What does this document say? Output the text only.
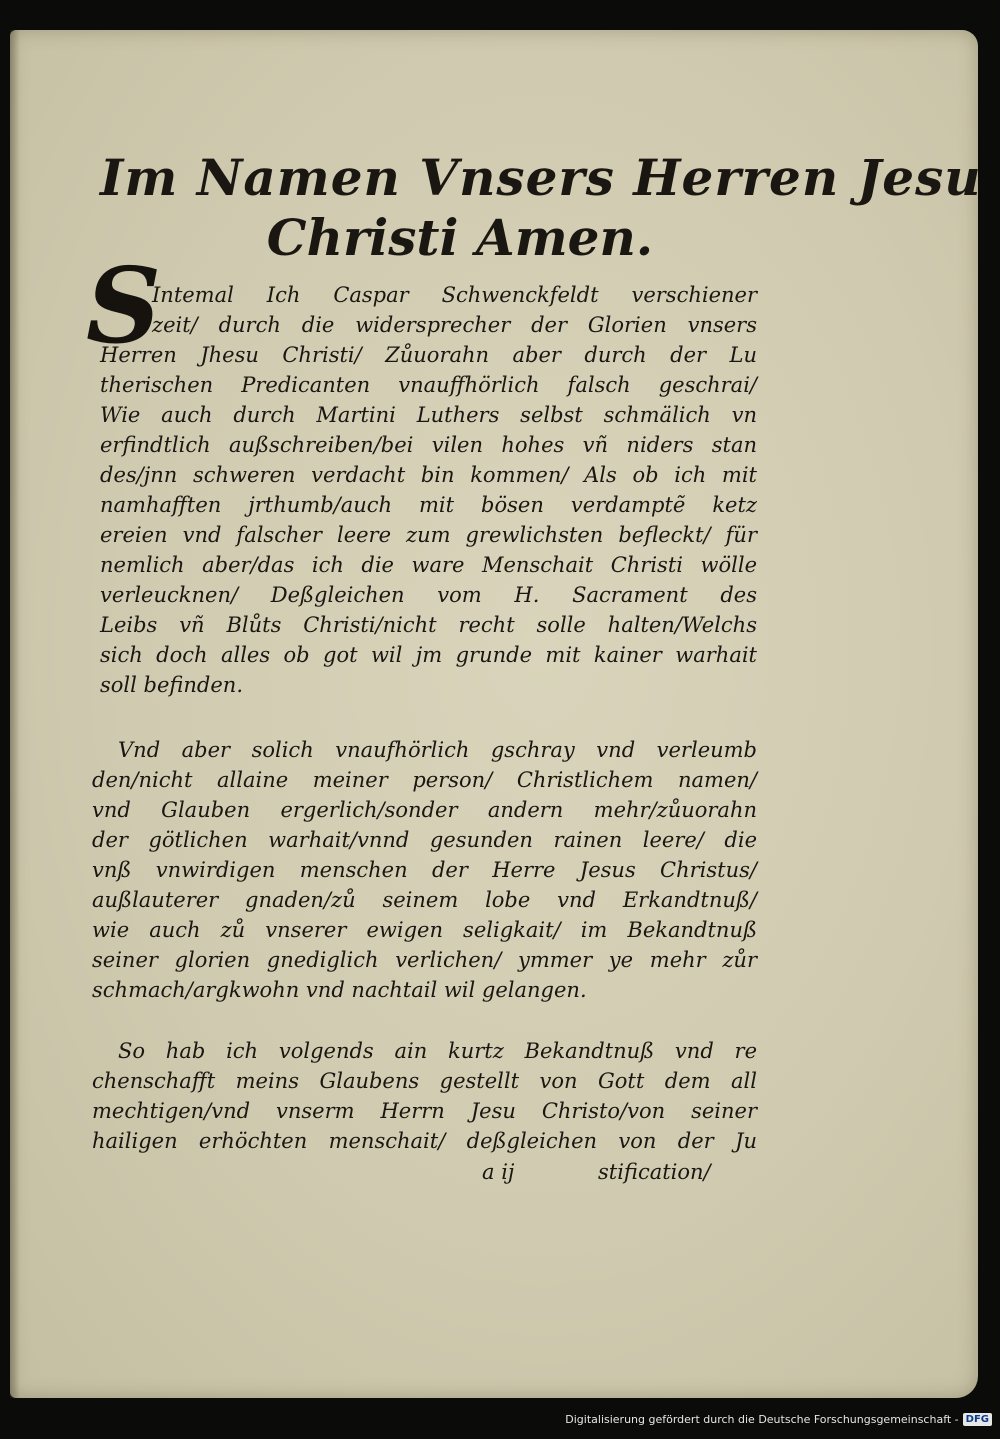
Im Namen Vnsers Herren Jesu
Christi Amen.
S
Intemal Ich Caspar Schwenckfeldt verschiener
zeit/ durch die widersprecher der Glorien vnsers
Herren Jhesu Christi/ Zůuorahn aber durch der Lu
therischen Predicanten vnauffhörlich falsch geschrai/
Wie auch durch Martini Luthers selbst schmälich vn
erfindtlich außschreiben/bei vilen hohes vñ niders stan
des/jnn schweren verdacht bin kommen/ Als ob ich mit
namhafften jrthumb/auch mit bösen verdamptẽ ketz
ereien vnd falscher leere zum grewlichsten befleckt/ für
nemlich aber/das ich die ware Menschait Christi wölle
verleucknen/ Deßgleichen vom H. Sacrament des
Leibs vñ Blůts Christi/nicht recht solle halten/Welchs
sich doch alles ob got wil jm grunde mit kainer warhait
soll befinden.
Vnd aber solich vnaufhörlich gschray vnd verleumb
den/nicht allaine meiner person/ Christlichem namen/
vnd Glauben ergerlich/sonder andern mehr/zůuorahn
der götlichen warhait/vnnd gesunden rainen leere/ die
vnß vnwirdigen menschen der Herre Jesus Christus/
außlauterer gnaden/zů seinem lobe vnd Erkandtnuß/
wie auch zů vnserer ewigen seligkait/ im Bekandtnuß
seiner glorien gnediglich verlichen/ ymmer ye mehr zůr
schmach/argkwohn vnd nachtail wil gelangen.
So hab ich volgends ain kurtz Bekandtnuß vnd re
chenschafft meins Glaubens gestellt von Gott dem all
mechtigen/vnd vnserm Herrn Jesu Christo/von seiner
hailigen erhöchten menschait/ deßgleichen von der Ju
a ij	stification/
Digitalisierung gefördert durch die Deutsche Forschungsgemeinschaft - DFG
